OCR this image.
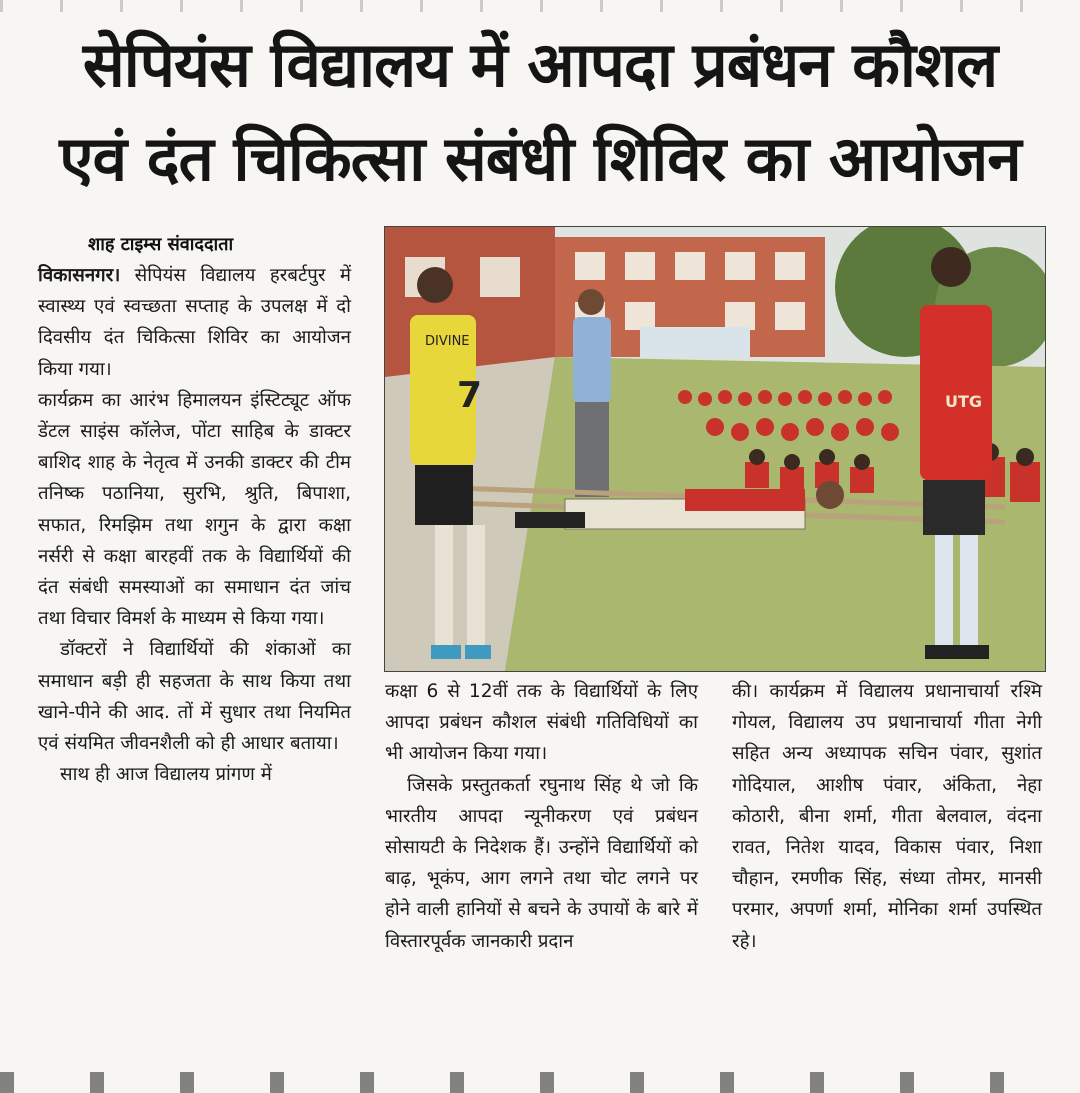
सेपियंस विद्यालय में आपदा प्रबंधन कौशल
एवं दंत चिकित्सा संबंधी शिविर का आयोजन
शाह टाइम्स संवाददाता

विकासनगर। सेपियंस विद्यालय हरबर्टपुर में स्वास्थ्य एवं स्वच्छता सप्ताह के उपलक्ष में दो दिवसीय दंत चिकित्सा शिविर का आयोजन किया गया।

कार्यक्रम का आरंभ हिमालयन इंस्टिट्यूट ऑफ डेंटल साइंस कॉलेज, पोंटा साहिब के डाक्टर बाशिद शाह के नेतृत्व में उनकी डाक्टर की टीम तनिष्क पठानिया, सुरभि, श्रुति, बिपाशा, सफात, रिमझिम तथा शगुन के द्वारा कक्षा नर्सरी से कक्षा बारहवीं तक के विद्यार्थियों की दंत संबंधी समस्याओं का समाधान दंत जांच तथा विचार विमर्श के माध्यम से किया गया।

डॉक्टरों ने विद्यार्थियों की शंकाओं का समाधान बड़ी ही सहजता के साथ किया तथा खाने-पीने की आद. तों में सुधार तथा नियमित एवं संयमित जीवनशैली को ही आधार बताया।

साथ ही आज विद्यालय प्रांगण में

DIVINE
7	UTG

कक्षा 6 से 12वीं तक के विद्यार्थियों के लिए आपदा प्रबंधन कौशल संबंधी गतिविधियों का भी आयोजन किया गया।

जिसके प्रस्तुतकर्ता रघुनाथ सिंह थे जो कि भारतीय आपदा न्यूनीकरण एवं प्रबंधन सोसायटी के निदेशक हैं। उन्होंने विद्यार्थियों को बाढ़, भूकंप, आग लगने तथा चोट लगने पर होने वाली हानियों से बचने के उपायों के बारे में विस्तारपूर्वक जानकारी प्रदान

की। कार्यक्रम में विद्यालय प्रधानाचार्या रश्मि गोयल, विद्यालय उप प्रधानाचार्या गीता नेगी सहित अन्य अध्यापक सचिन पंवार, सुशांत गोदियाल, आशीष पंवार, अंकिता, नेहा कोठारी, बीना शर्मा, गीता बेलवाल, वंदना रावत, नितेश यादव, विकास पंवार, निशा चौहान, रमणीक सिंह, संध्या तोमर, मानसी परमार, अपर्णा शर्मा, मोनिका शर्मा उपस्थित रहे।
